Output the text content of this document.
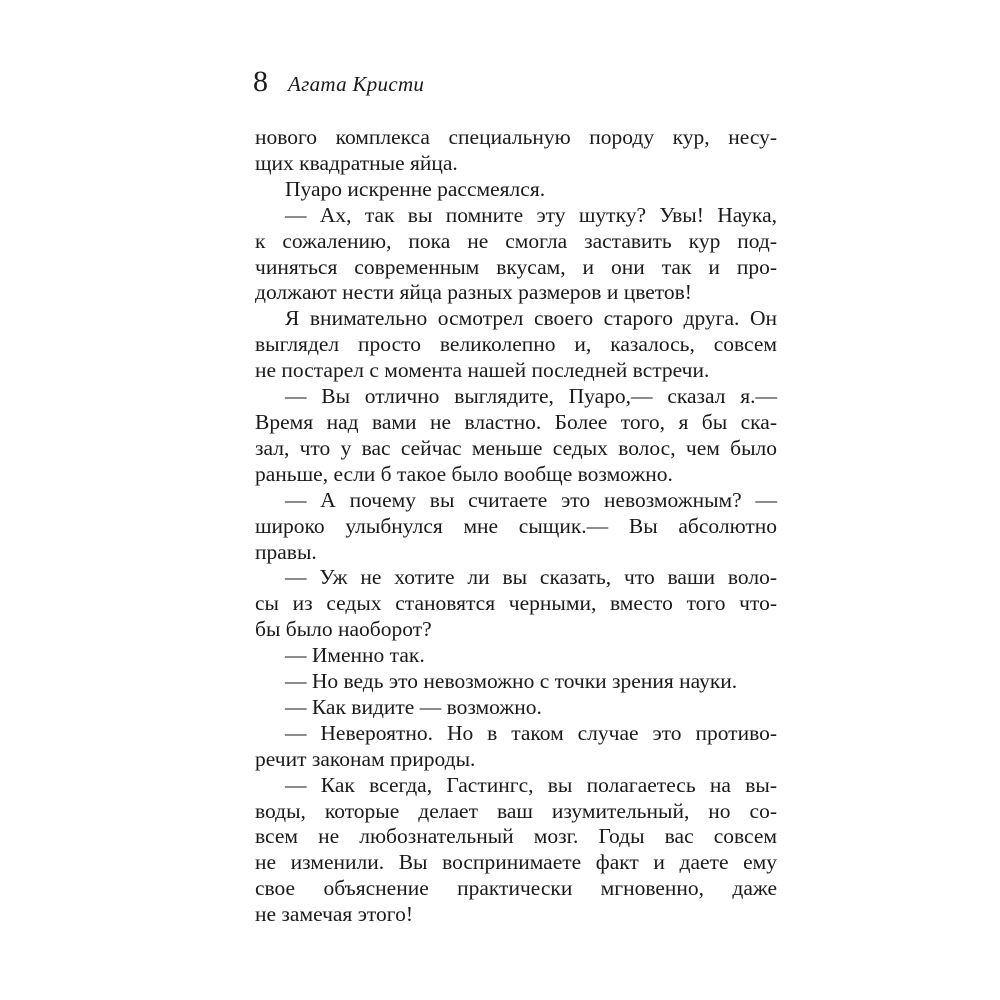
8 Агата Кристи
нового комплекса специальную породу кур, несу-
щих квадратные яйца.
Пуаро искренне рассмеялся.
— Ах, так вы помните эту шутку? Увы! Наука,
к сожалению, пока не смогла заставить кур под-
чиняться современным вкусам, и они так и про-
должают нести яйца разных размеров и цветов!
Я внимательно осмотрел своего старого друга. Он
выглядел просто великолепно и, казалось, совсем
не постарел с момента нашей последней встречи.
— Вы отлично выглядите, Пуаро,— сказал я.—
Время над вами не властно. Более того, я бы ска-
зал, что у вас сейчас меньше седых волос, чем было
раньше, если б такое было вообще возможно.
— А почему вы считаете это невозможным? —
широко улыбнулся мне сыщик.— Вы абсолютно
правы.
— Уж не хотите ли вы сказать, что ваши воло-
сы из седых становятся черными, вместо того что-
бы было наоборот?
— Именно так.
— Но ведь это невозможно с точки зрения науки.
— Как видите — возможно.
— Невероятно. Но в таком случае это противо-
речит законам природы.
— Как всегда, Гастингс, вы полагаетесь на вы-
воды, которые делает ваш изумительный, но со-
всем не любознательный мозг. Годы вас совсем
не изменили. Вы воспринимаете факт и даете ему
свое объяснение практически мгновенно, даже
не замечая этого!
